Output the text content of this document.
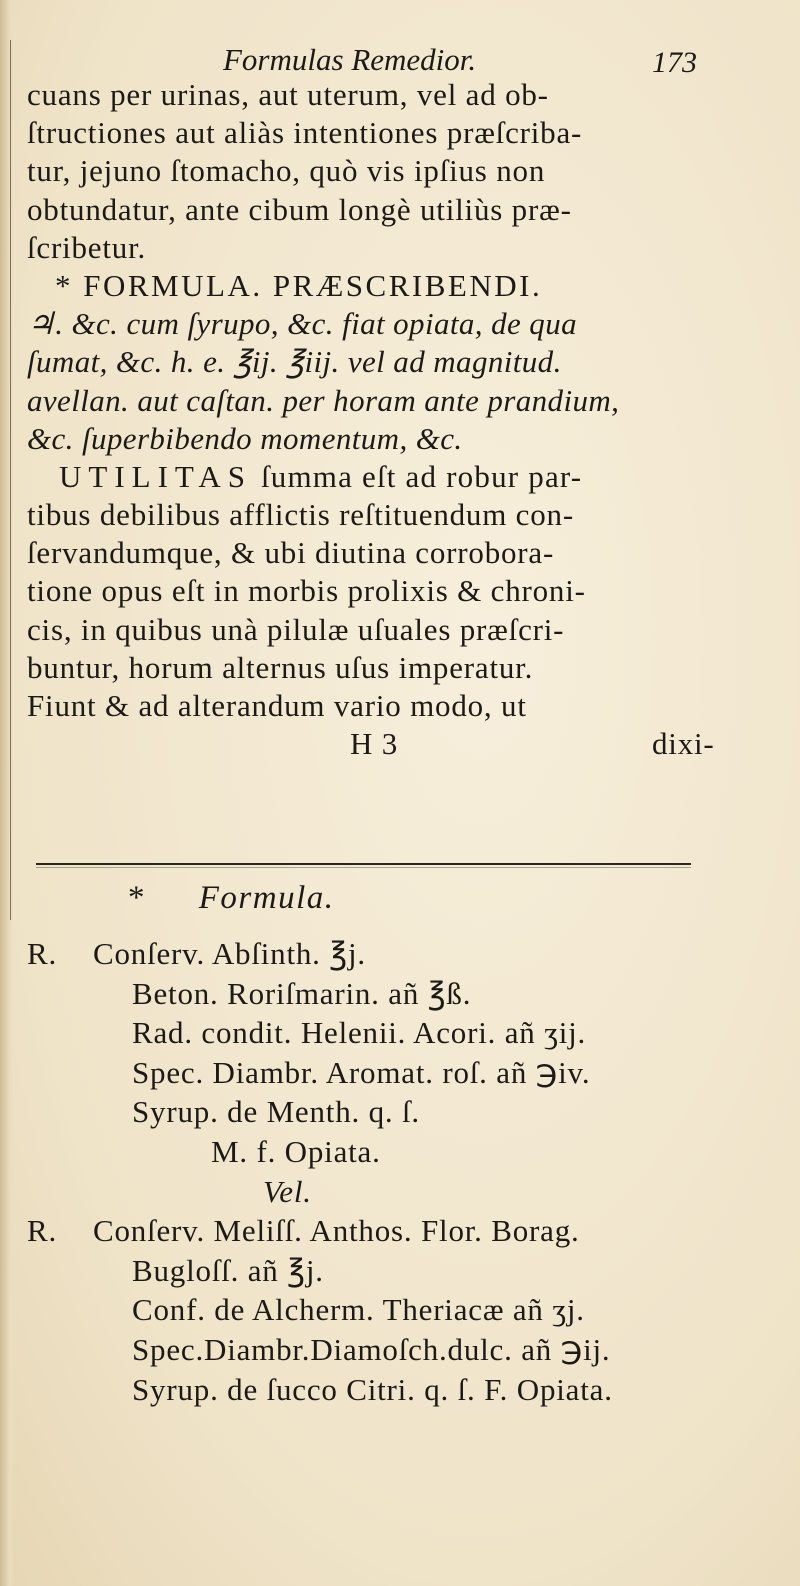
Formulas Remedior.	173
cuans per urinas, aut uterum, vel ad ob-
ſtructiones aut aliàs intentiones præſcriba-
tur, jejuno ſtomacho, quò vis ipſius non
obtundatur, ante cibum longè utiliùs præ-
ſcribetur.
* FORMULA. PRÆSCRIBENDI.
♃. &c. cum ſyrupo, &c. fiat opiata, de qua
ſumat, &c. h. e. ℥ij. ℥iij. vel ad magnitud.
avellan. aut caſtan. per horam ante prandium,
&c. ſuperbibendo momentum, &c.
UTILITAS ſumma eſt ad robur par-
tibus debilibus afflictis reſtituendum con-
ſervandumque, & ubi diutina corrobora-
tione opus eſt in morbis prolixis & chroni-
cis, in quibus unà pilulæ uſuales præſcri-
buntur, horum alternus uſus imperatur.
Fiunt & ad alterandum vario modo, ut
H 3	dixi-
* Formula.
R. Conſerv. Abſinth. ℥j.
Beton. Roriſmarin. añ ℥ß.
Rad. condit. Helenii. Acori. añ ʒij.
Spec. Diambr. Aromat. roſ. añ ℈iv.
Syrup. de Menth. q. ſ.
M. f. Opiata.
Vel.
R. Conſerv. Meliſſ. Anthos. Flor. Borag.
Bugloſſ. añ ℥j.
Conf. de Alcherm. Theriacæ añ ʒj.
Spec.Diambr.Diamoſch.dulc. añ ℈ij.
Syrup. de ſucco Citri. q. ſ. F. Opiata.
